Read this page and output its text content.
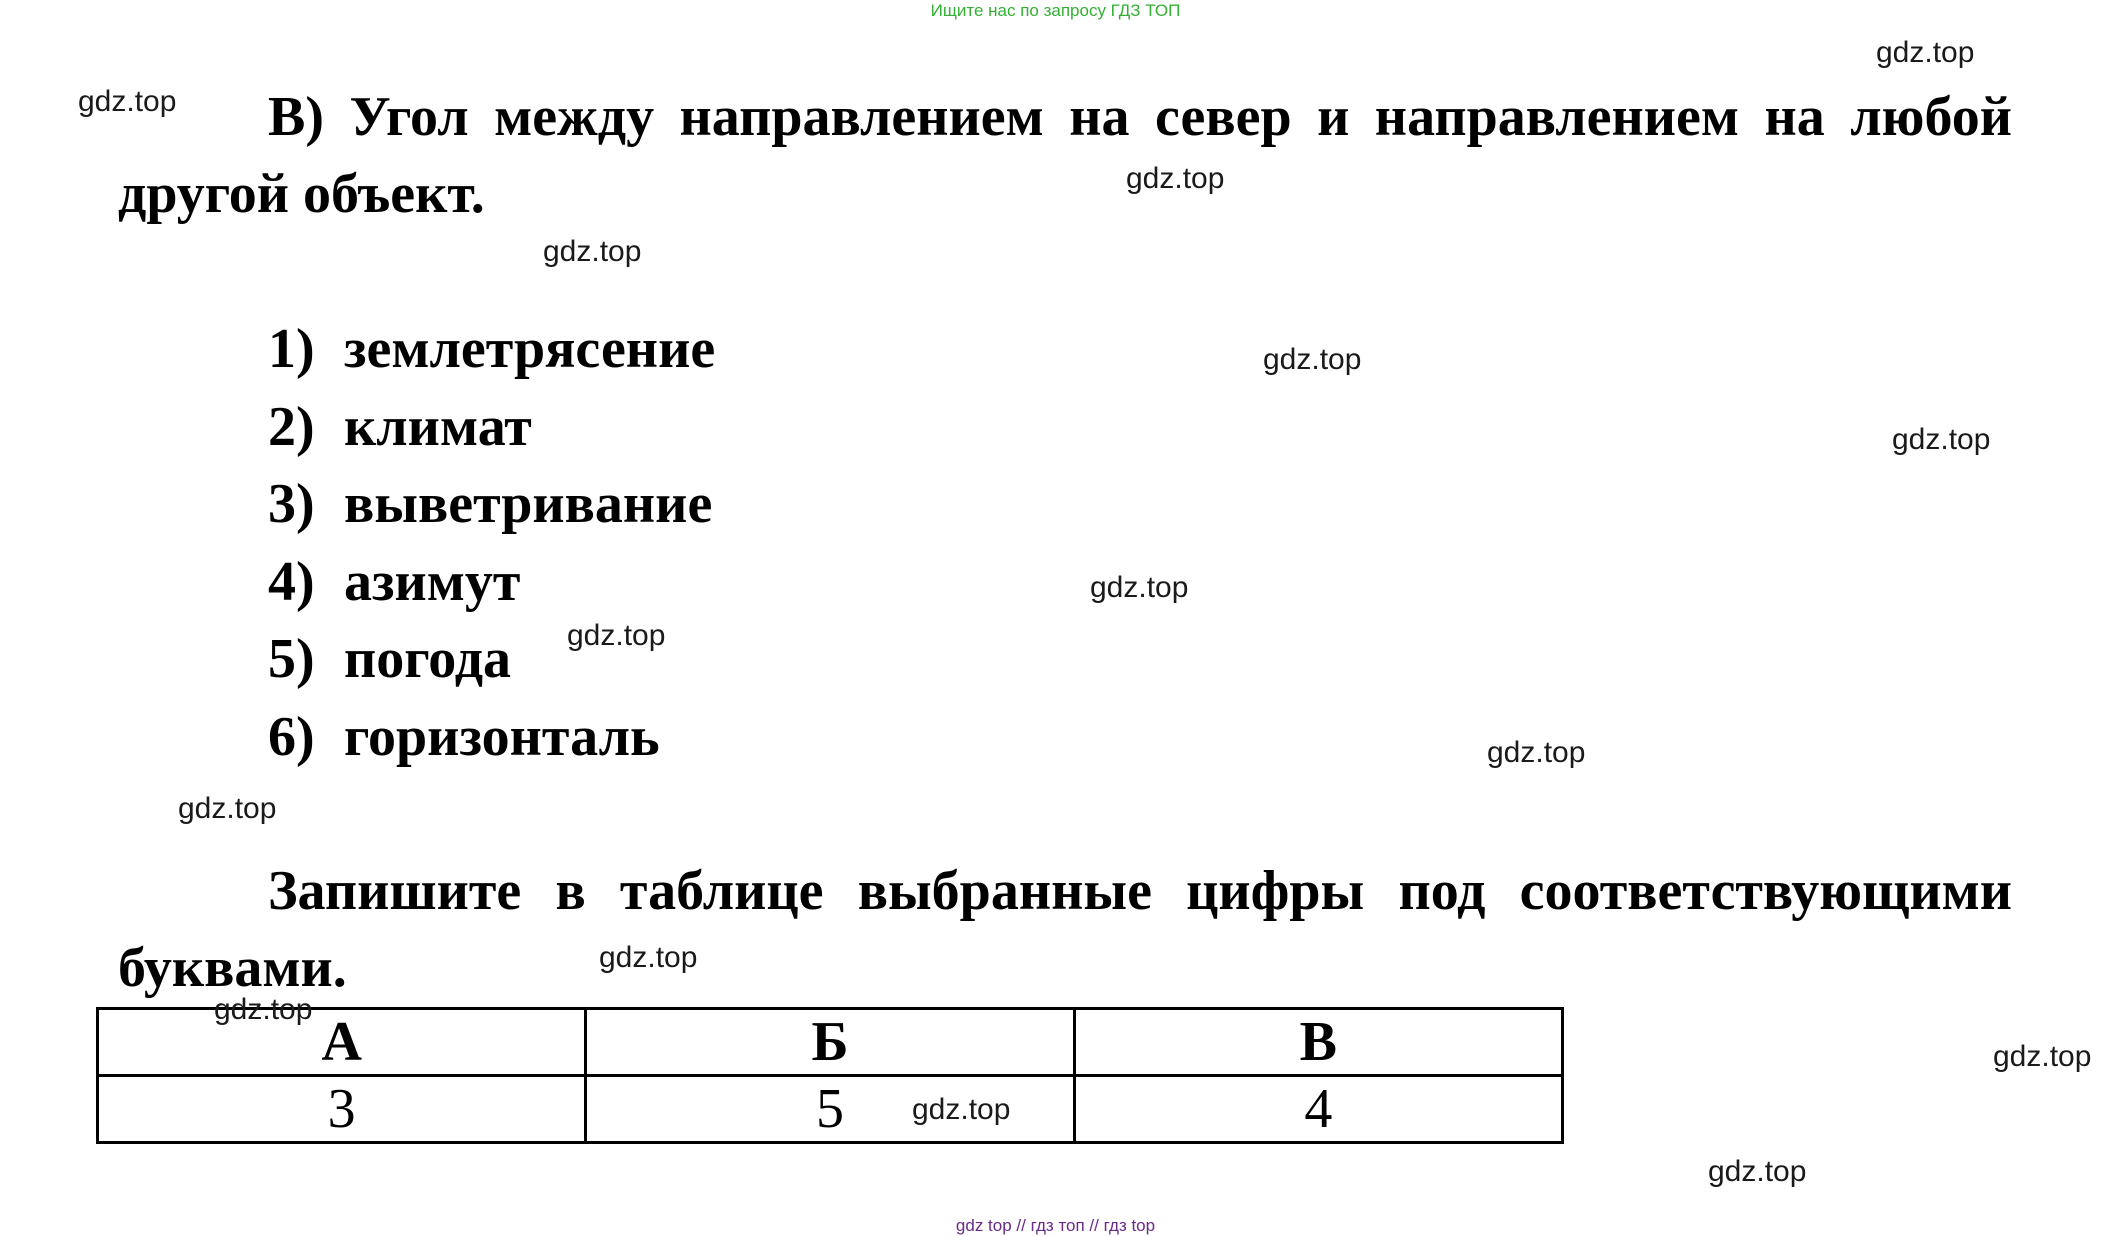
Ищите нас по запросу ГДЗ ТОП
В) Угол между направлением на север и направлением на любой другой объект.
1) землетрясение
2) климат
3) выветривание
4) азимут
5) погода
6) горизонталь
Запишите в таблице выбранные цифры под соответствующими буквами.
А	Б	В
3	5	4
gdz.top
gdz.top
gdz.top
gdz.top
gdz.top
gdz.top
gdz.top
gdz.top
gdz.top
gdz.top
gdz.top
gdz.top
gdz.top
gdz.top
gdz.top
gdz top // гдз топ // гдз top
